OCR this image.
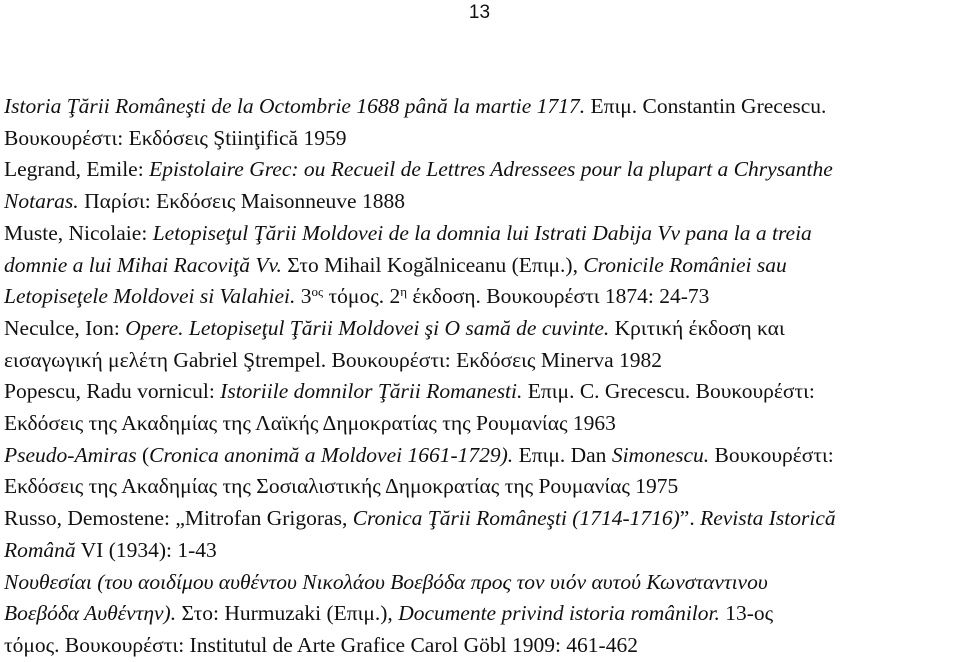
13

Istoria Ţării Româneşti de la Octombrie 1688 până la martie 1717. Επιμ. Constantin Grecescu.
Βουκουρέστι: Εκδόσεις Ştiinţifică 1959

Legrand, Emile: Epistolaire Grec: ou Recueil de Lettres Adressees pour la plupart a Chrysanthe
Notaras. Παρίσι: Εκδόσεις Maisonneuve 1888

Muste, Nicolaie: Letopiseţul Ţării Moldovei de la domnia lui Istrati Dabija Vv pana la a treia
domnie a lui Mihai Racoviţă Vv. Στο Mihail Kogălniceanu (Επιμ.), Cronicile României sau
Letopiseţele Moldovei si Valahiei. $3^{o\varsigma}$ τόμος. $2^\eta$ έκδοση. Βουκουρέστι 1874: 24-73

Neculce, Ion: Opere. Letopiseţul Ţării Moldovei şi O samă de cuvinte. Κριτική έκδοση και
εισαγωγική μελέτη Gabriel Ştrempel. Βουκουρέστι: Εκδόσεις Minerva 1982

Popescu, Radu vornicul: Istoriile domnilor Ţării Romanesti. Επιμ. C. Grecescu. Βουκουρέστι:
Εκδόσεις της Ακαδημίας της Λαϊκής Δημοκρατίας της Ρουμανίας 1963

Pseudo-Amiras (Cronica anonimă a Moldovei 1661-1729). Επιμ. Dan Simonescu. Βουκουρέστι:
Εκδόσεις της Ακαδημίας της Σοσιαλιστικής Δημοκρατίας της Ρουμανίας 1975

Russo, Demostene: „Mitrofan Grigoras, Cronica Ţării Româneşti (1714-1716)”. Revista Istorică
Română VI (1934): 1-43

Νουθεσίαι (του αοιδίμου αυθέντου Νικολάου Βοεβόδα προς τον υιόν αυτού Κωνσταντινου
Βοεβόδα Αυθέντην). Στο: Hurmuzaki (Επιμ.), Documente privind istoria românilor. 13-ος
τόμος. Βουκουρέστι: Institutul de Arte Grafice Carol Göbl 1909: 461-462
